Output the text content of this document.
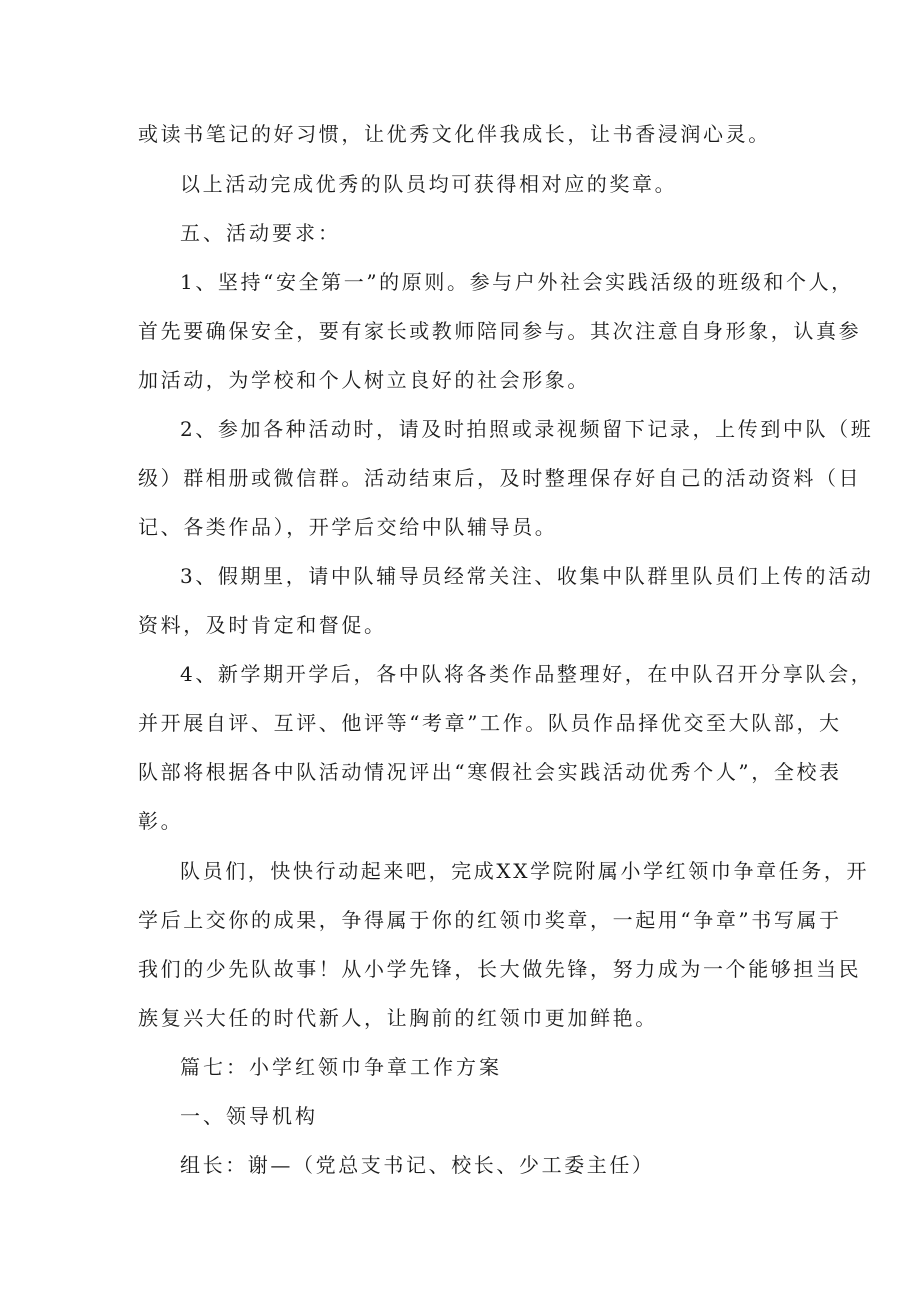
或读书笔记的好习惯，让优秀文化伴我成长，让书香浸润心灵。
以上活动完成优秀的队员均可获得相对应的奖章。
五、活动要求：
1、坚持“安全第一”的原则。参与户外社会实践活级的班级和个人，
首先要确保安全，要有家长或教师陪同参与。其次注意自身形象，认真参
加活动，为学校和个人树立良好的社会形象。
2、参加各种活动时，请及时拍照或录视频留下记录，上传到中队（班
级）群相册或微信群。活动结束后，及时整理保存好自己的活动资料（日
记、各类作品），开学后交给中队辅导员。
3、假期里，请中队辅导员经常关注、收集中队群里队员们上传的活动
资料，及时肯定和督促。
4、新学期开学后，各中队将各类作品整理好，在中队召开分享队会，
并开展自评、互评、他评等“考章”工作。队员作品择优交至大队部，大
队部将根据各中队活动情况评出“寒假社会实践活动优秀个人”，全校表
彰。
队员们，快快行动起来吧，完成XX学院附属小学红领巾争章任务，开
学后上交你的成果，争得属于你的红领巾奖章，一起用“争章”书写属于
我们的少先队故事！从小学先锋，长大做先锋，努力成为一个能够担当民
族复兴大任的时代新人，让胸前的红领巾更加鲜艳。
篇七：小学红领巾争章工作方案
一、领导机构
组长：谢—（党总支书记、校长、少工委主任）
